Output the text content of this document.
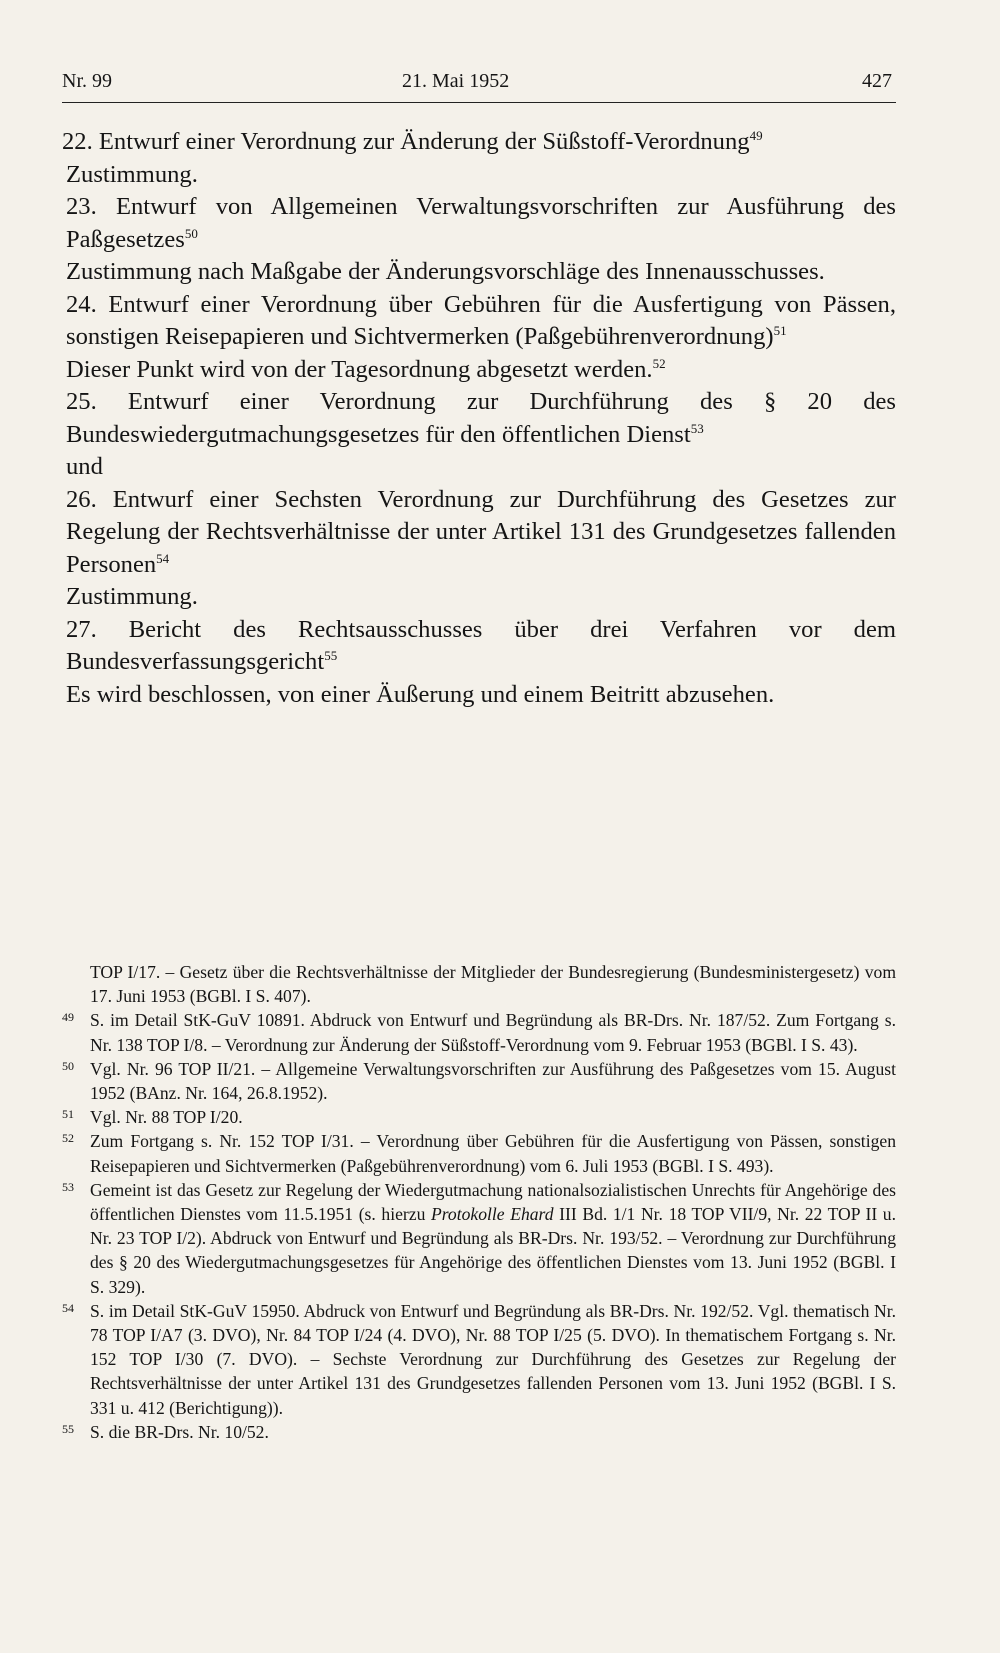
Nr. 99	21. Mai 1952	427

22. Entwurf einer Verordnung zur Änderung der Süßstoff-Verordnung$^{49}$

Zustimmung.

23. Entwurf von Allgemeinen Verwaltungsvorschriften zur Ausführung des Paßgesetzes$^{50}$

Zustimmung nach Maßgabe der Änderungsvorschläge des Innenausschusses.

24. Entwurf einer Verordnung über Gebühren für die Ausfertigung von Pässen, sonstigen Reisepapieren und Sichtvermerken (Paßgebührenverordnung)$^{51}$

Dieser Punkt wird von der Tagesordnung abgesetzt werden.$^{52}$

25. Entwurf einer Verordnung zur Durchführung des § 20 des Bundeswiedergutmachungsgesetzes für den öffentlichen Dienst$^{53}$

und

26. Entwurf einer Sechsten Verordnung zur Durchführung des Gesetzes zur Regelung der Rechtsverhältnisse der unter Artikel 131 des Grundgesetzes fallenden Personen$^{54}$

Zustimmung.

27. Bericht des Rechtsausschusses über drei Verfahren vor dem Bundesverfassungsgericht$^{55}$

Es wird beschlossen, von einer Äußerung und einem Beitritt abzusehen.

TOP I/17. – Gesetz über die Rechtsverhältnisse der Mitglieder der Bundesregierung (Bundesministergesetz) vom 17. Juni 1953 (BGBl. I S. 407).

49 S. im Detail StK-GuV 10891. Abdruck von Entwurf und Begründung als BR-Drs. Nr. 187/52. Zum Fortgang s. Nr. 138 TOP I/8. – Verordnung zur Änderung der Süßstoff-Verordnung vom 9. Februar 1953 (BGBl. I S. 43).

50 Vgl. Nr. 96 TOP II/21. – Allgemeine Verwaltungsvorschriften zur Ausführung des Paßgesetzes vom 15. August 1952 (BAnz. Nr. 164, 26.8.1952).

51 Vgl. Nr. 88 TOP I/20.

52 Zum Fortgang s. Nr. 152 TOP I/31. – Verordnung über Gebühren für die Ausfertigung von Pässen, sonstigen Reisepapieren und Sichtvermerken (Paßgebührenverordnung) vom 6. Juli 1953 (BGBl. I S. 493).

53 Gemeint ist das Gesetz zur Regelung der Wiedergutmachung nationalsozialistischen Unrechts für Angehörige des öffentlichen Dienstes vom 11.5.1951 (s. hierzu Protokolle Ehard III Bd. 1/1 Nr. 18 TOP VII/9, Nr. 22 TOP II u. Nr. 23 TOP I/2). Abdruck von Entwurf und Begründung als BR-Drs. Nr. 193/52. – Verordnung zur Durchführung des § 20 des Wiedergutmachungsgesetzes für Angehörige des öffentlichen Dienstes vom 13. Juni 1952 (BGBl. I S. 329).

54 S. im Detail StK-GuV 15950. Abdruck von Entwurf und Begründung als BR-Drs. Nr. 192/52. Vgl. thematisch Nr. 78 TOP I/A7 (3. DVO), Nr. 84 TOP I/24 (4. DVO), Nr. 88 TOP I/25 (5. DVO). In thematischem Fortgang s. Nr. 152 TOP I/30 (7. DVO). – Sechste Verordnung zur Durchführung des Gesetzes zur Regelung der Rechtsverhältnisse der unter Artikel 131 des Grundgesetzes fallenden Personen vom 13. Juni 1952 (BGBl. I S. 331 u. 412 (Berichtigung)).

55 S. die BR-Drs. Nr. 10/52.
